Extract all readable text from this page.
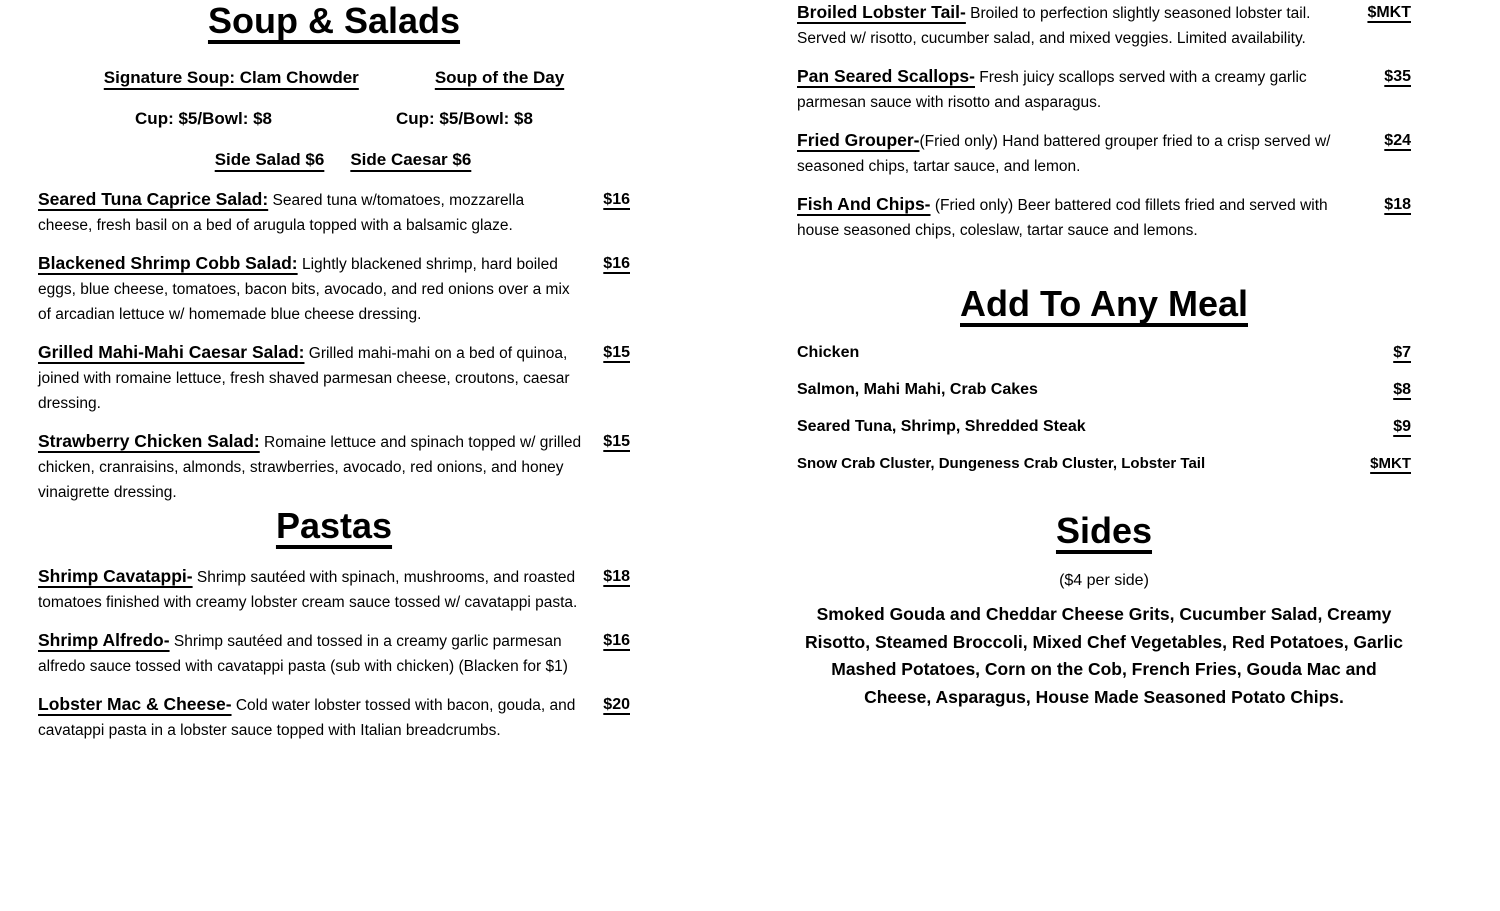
Soup & Salads
Signature Soup: Clam Chowder	Soup of the Day
Cup: $5/Bowl: $8	Cup: $5/Bowl: $8
Side Salad $6 Side Caesar $6

Seared Tuna Caprice Salad: Seared tuna w/tomatoes, mozzarella cheese, fresh basil on a bed of arugula topped with a balsamic glaze.

$16

Blackened Shrimp Cobb Salad: Lightly blackened shrimp, hard boiled eggs, blue cheese, tomatoes, bacon bits, avocado, and red onions over a mix of arcadian lettuce w/ homemade blue cheese dressing.

$16

Grilled Mahi-Mahi Caesar Salad: Grilled mahi-mahi on a bed of quinoa, joined with romaine lettuce, fresh shaved parmesan cheese, croutons, caesar dressing.

$15

Strawberry Chicken Salad: Romaine lettuce and spinach topped w/ grilled chicken, cranraisins, almonds, strawberries, avocado, red onions, and honey vinaigrette dressing.

$15
Pastas

Shrimp Cavatappi- Shrimp sautéed with spinach, mushrooms, and roasted tomatoes finished with creamy lobster cream sauce tossed w/ cavatappi pasta.

$18

Shrimp Alfredo- Shrimp sautéed and tossed in a creamy garlic parmesan alfredo sauce tossed with cavatappi pasta (sub with chicken) (Blacken for $1)

$16

Lobster Mac & Cheese- Cold water lobster tossed with bacon, gouda, and cavatappi pasta in a lobster sauce topped with Italian breadcrumbs.

$20

Broiled Lobster Tail- Broiled to perfection slightly seasoned lobster tail. Served w/ risotto, cucumber salad, and mixed veggies. Limited availability.

$MKT

Pan Seared Scallops- Fresh juicy scallops served with a creamy garlic parmesan sauce with risotto and asparagus.

$35

Fried Grouper-(Fried only) Hand battered grouper fried to a crisp served w/ seasoned chips, tartar sauce, and lemon.

$24

Fish And Chips- (Fried only) Beer battered cod fillets fried and served with house seasoned chips, coleslaw, tartar sauce and lemons.

$18
Add To Any Meal
Chicken	$7
Salmon, Mahi Mahi, Crab Cakes	$8
Seared Tuna, Shrimp, Shredded Steak	$9
Snow Crab Cluster, Dungeness Crab Cluster, Lobster Tail	$MKT
Sides

($4 per side)

Smoked Gouda and Cheddar Cheese Grits, Cucumber Salad, Creamy Risotto, Steamed Broccoli, Mixed Chef Vegetables, Red Potatoes, Garlic Mashed Potatoes, Corn on the Cob, French Fries, Gouda Mac and Cheese, Asparagus, House Made Seasoned Potato Chips.
